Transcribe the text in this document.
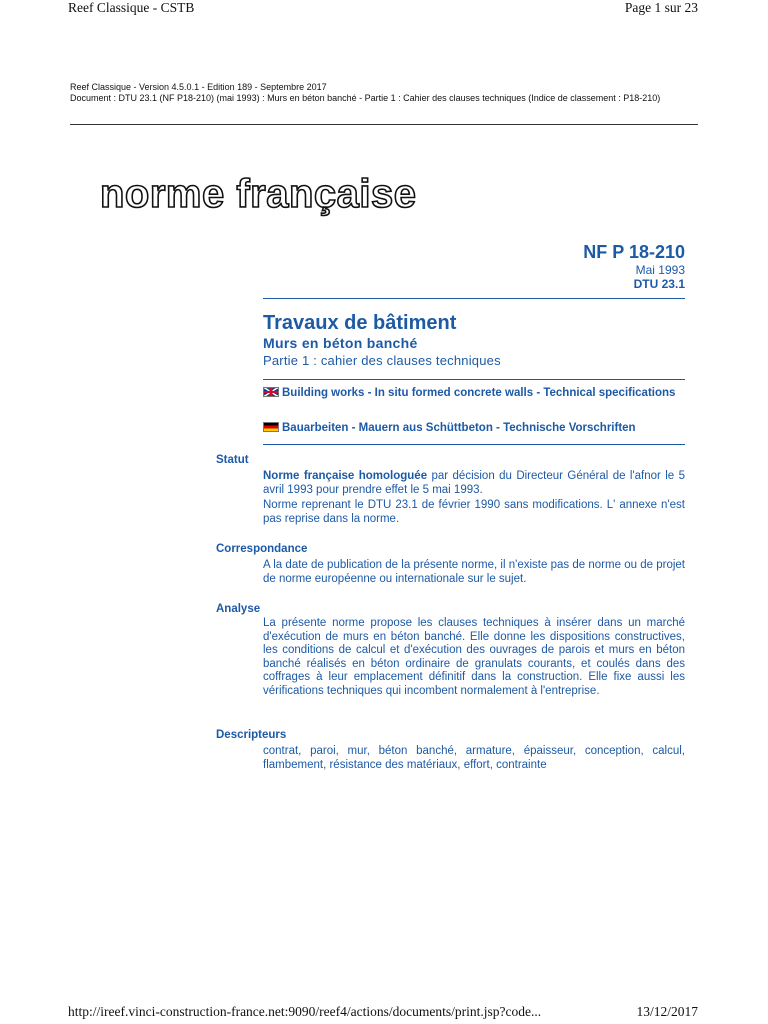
Reef Classique - CSTB	Page 1 sur 23
Reef Classique - Version 4.5.0.1 - Edition 189 - Septembre 2017
Document : DTU 23.1 (NF P18-210) (mai 1993) : Murs en béton banché - Partie 1 : Cahier des clauses techniques (Indice de classement : P18-210)
norme française
NF P 18-210
Mai 1993
DTU 23.1
Travaux de bâtiment
Murs en béton banché
Partie 1 : cahier des clauses techniques
Building works - In situ formed concrete walls - Technical specifications
Bauarbeiten - Mauern aus Schüttbeton - Technische Vorschriften
Statut

Norme française homologuée par décision du Directeur Général de l'afnor le 5 avril 1993 pour prendre effet le 5 mai 1993.

Norme reprenant le DTU 23.1 de février 1990 sans modifications. L' annexe n'est pas reprise dans la norme.

Correspondance
A la date de publication de la présente norme, il n'existe pas de norme ou de projet de norme européenne ou internationale sur le sujet.
Analyse
La présente norme propose les clauses techniques à insérer dans un marché d'exécution de murs en béton banché. Elle donne les dispositions constructives, les conditions de calcul et d'exécution des ouvrages de parois et murs en béton banché réalisés en béton ordinaire de granulats courants, et coulés dans des coffrages à leur emplacement définitif dans la construction. Elle fixe aussi les vérifications techniques qui incombent normalement à l'entreprise.
Descripteurs
contrat, paroi, mur, béton banché, armature, épaisseur, conception, calcul, flambement, résistance des matériaux, effort, contrainte
http://ireef.vinci-construction-france.net:9090/reef4/actions/documents/print.jsp?code...	13/12/2017
